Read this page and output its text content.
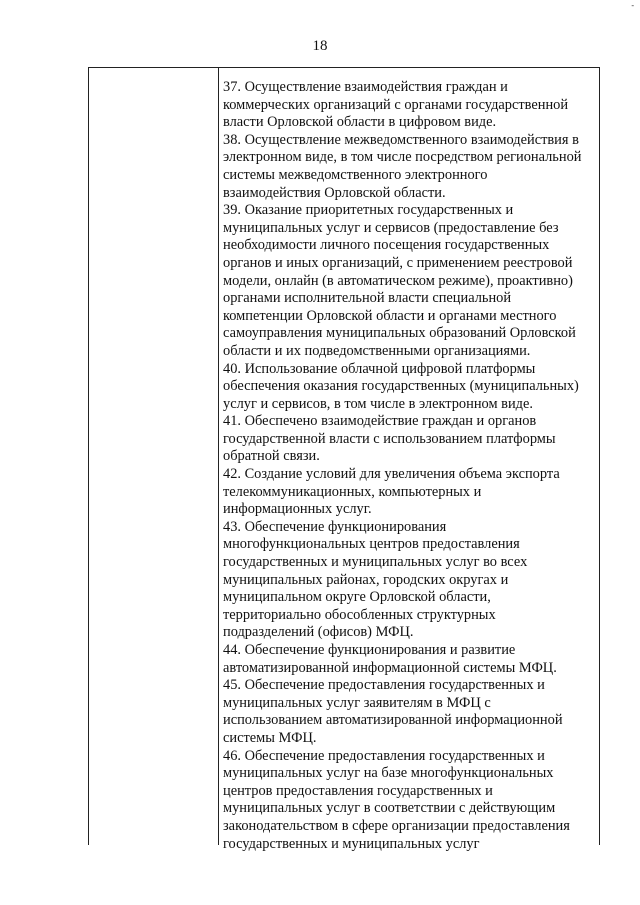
-
18
37. Осуществление взаимодействия граждан и
коммерческих организаций с органами государственной
власти Орловской области в цифровом виде.
38. Осуществление межведомственного взаимодействия в
электронном виде, в том числе посредством региональной
системы межведомственного электронного
взаимодействия Орловской области.
39. Оказание приоритетных государственных и
муниципальных услуг и сервисов (предоставление без
необходимости личного посещения государственных
органов и иных организаций, с применением реестровой
модели, онлайн (в автоматическом режиме), проактивно)
органами исполнительной власти специальной
компетенции Орловской области и органами местного
самоуправления муниципальных образований Орловской
области и их подведомственными организациями.
40. Использование облачной цифровой платформы
обеспечения оказания государственных (муниципальных)
услуг и сервисов, в том числе в электронном виде.
41. Обеспечено взаимодействие граждан и органов
государственной власти с использованием платформы
обратной связи.
42. Создание условий для увеличения объема экспорта
телекоммуникационных, компьютерных и
информационных услуг.
43. Обеспечение функционирования
многофункциональных центров предоставления
государственных и муниципальных услуг во всех
муниципальных районах, городских округах и
муниципальном округе Орловской области,
территориально обособленных структурных
подразделений (офисов) МФЦ.
44. Обеспечение функционирования и развитие
автоматизированной информационной системы МФЦ.
45. Обеспечение предоставления государственных и
муниципальных услуг заявителям в МФЦ с
использованием автоматизированной информационной
системы МФЦ.
46. Обеспечение предоставления государственных и
муниципальных услуг на базе многофункциональных
центров предоставления государственных и
муниципальных услуг в соответствии с действующим
законодательством в сфере организации предоставления
государственных и муниципальных услуг
